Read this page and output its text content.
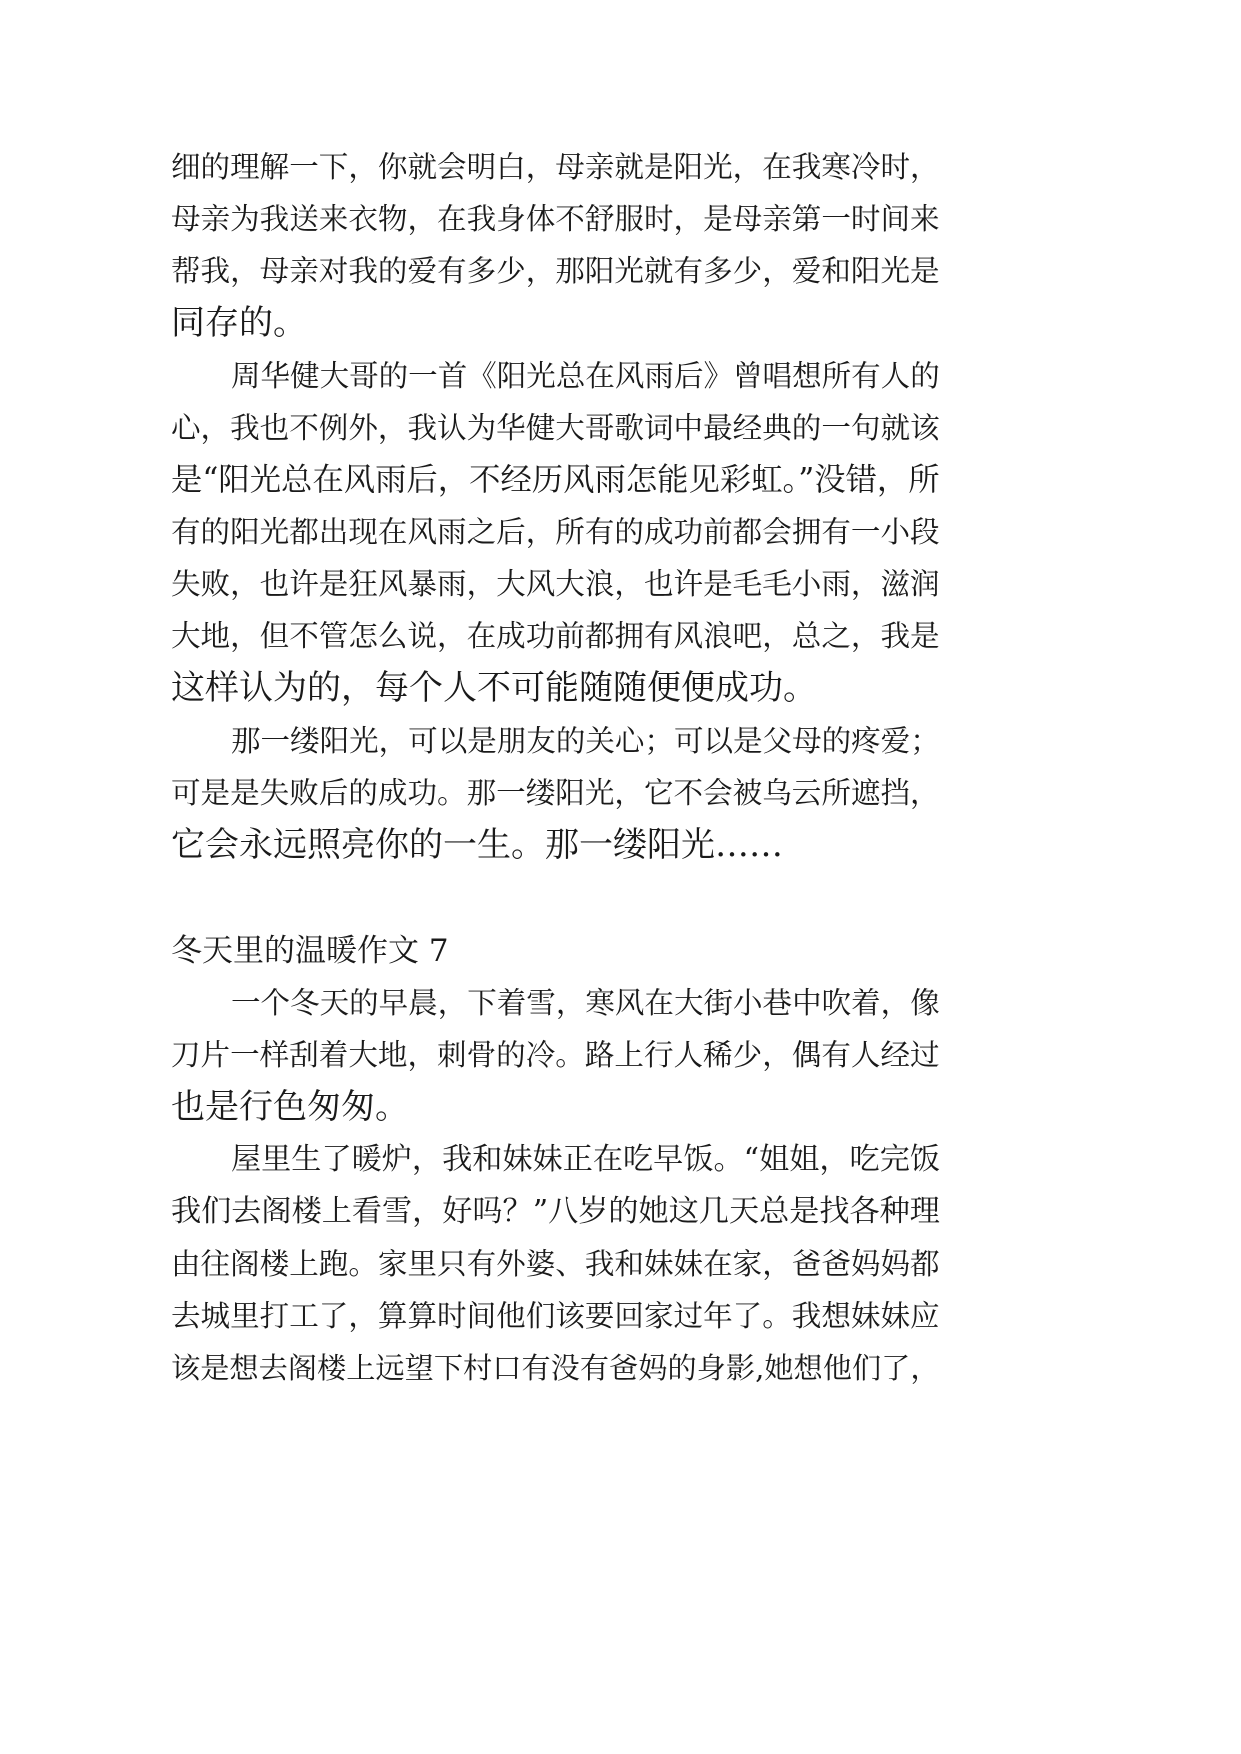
细的理解一下，你就会明白，母亲就是阳光，在我寒冷时，
母亲为我送来衣物，在我身体不舒服时，是母亲第一时间来
帮我，母亲对我的爱有多少，那阳光就有多少，爱和阳光是
同存的。
周华健大哥的一首《阳光总在风雨后》曾唱想所有人的
心，我也不例外，我认为华健大哥歌词中最经典的一句就该
是“阳光总在风雨后，不经历风雨怎能见彩虹。”没错，所
有的阳光都出现在风雨之后，所有的成功前都会拥有一小段
失败，也许是狂风暴雨，大风大浪，也许是毛毛小雨，滋润
大地，但不管怎么说，在成功前都拥有风浪吧，总之，我是
这样认为的，每个人不可能随随便便成功。
那一缕阳光，可以是朋友的关心；可以是父母的疼爱；
可是是失败后的成功。那一缕阳光，它不会被乌云所遮挡，
它会永远照亮你的一生。那一缕阳光……
冬天里的温暖作文 7
一个冬天的早晨，下着雪，寒风在大街小巷中吹着，像
刀片一样刮着大地，刺骨的冷。路上行人稀少，偶有人经过
也是行色匆匆。
屋里生了暖炉，我和妹妹正在吃早饭。“姐姐，吃完饭
我们去阁楼上看雪，好吗？”八岁的她这几天总是找各种理
由往阁楼上跑。家里只有外婆、我和妹妹在家，爸爸妈妈都
去城里打工了，算算时间他们该要回家过年了。我想妹妹应
该是想去阁楼上远望下村口有没有爸妈的身影,她想他们了，
